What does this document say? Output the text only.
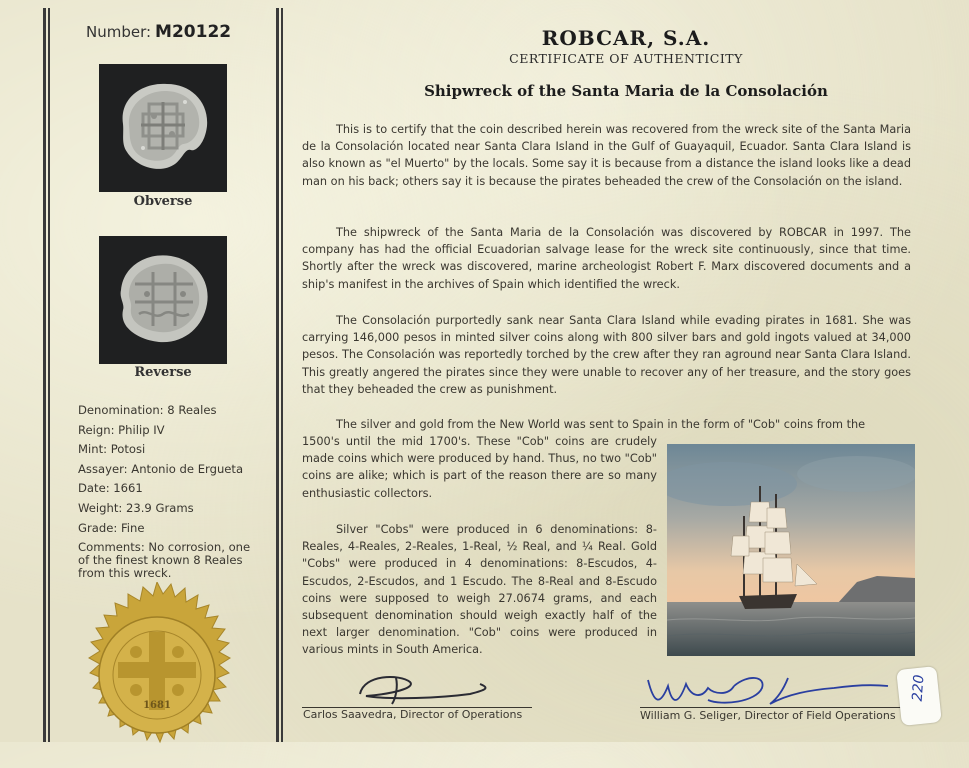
Number: M20122
Obverse
Reverse
Denomination: 8 Reales
Reign: Philip IV
Mint: Potosi
Assayer: Antonio de Ergueta
Date: 1661
Weight: 23.9 Grams
Grade: Fine
Comments: No corrosion, one of the finest known 8 Reales from this wreck.
1681
ROBCAR, S.A.
CERTIFICATE OF AUTHENTICITY
Shipwreck of the Santa Maria de la Consolación

This is to certify that the coin described herein was recovered from the wreck site of the Santa Maria de la Consolación located near Santa Clara Island in the Gulf of Guayaquil, Ecuador. Santa Clara Island is also known as "el Muerto" by the locals. Some say it is because from a distance the island looks like a dead man on his back; others say it is because the pirates beheaded the crew of the Consolación on the island.

The shipwreck of the Santa Maria de la Consolación was discovered by ROBCAR in 1997. The company has had the official Ecuadorian salvage lease for the wreck site continuously, since that time. Shortly after the wreck was discovered, marine archeologist Robert F. Marx discovered documents and a ship's manifest in the archives of Spain which identified the wreck.

The Consolación purportedly sank near Santa Clara Island while evading pirates in 1681. She was carrying 146,000 pesos in minted silver coins along with 800 silver bars and gold ingots valued at 34,000 pesos. The Consolación was reportedly torched by the crew after they ran aground near Santa Clara Island. This greatly angered the pirates since they were unable to recover any of her treasure, and the story goes that they beheaded the crew as punishment.

The silver and gold from the New World was sent to Spain in the form of "Cob" coins from the

1500's until the mid 1700's. These "Cob" coins are crudely made coins which were produced by hand. Thus, no two "Cob" coins are alike; which is part of the reason there are so many enthusiastic collectors.

Silver "Cobs" were produced in 6 denominations: 8-Reales, 4-Reales, 2-Reales, 1-Real, ½ Real, and ¼ Real. Gold "Cobs" were produced in 4 denominations: 8-Escudos, 4-Escudos, 2-Escudos, and 1 Escudo. The 8-Real and 8-Escudo coins were supposed to weigh 27.0674 grams, and each subsequent denomination should weigh exactly half of the next larger denomination. "Cob" coins were produced in various mints in South America.

Carlos Saavedra, Director of Operations	William G. Seliger, Director of Field Operations
220
